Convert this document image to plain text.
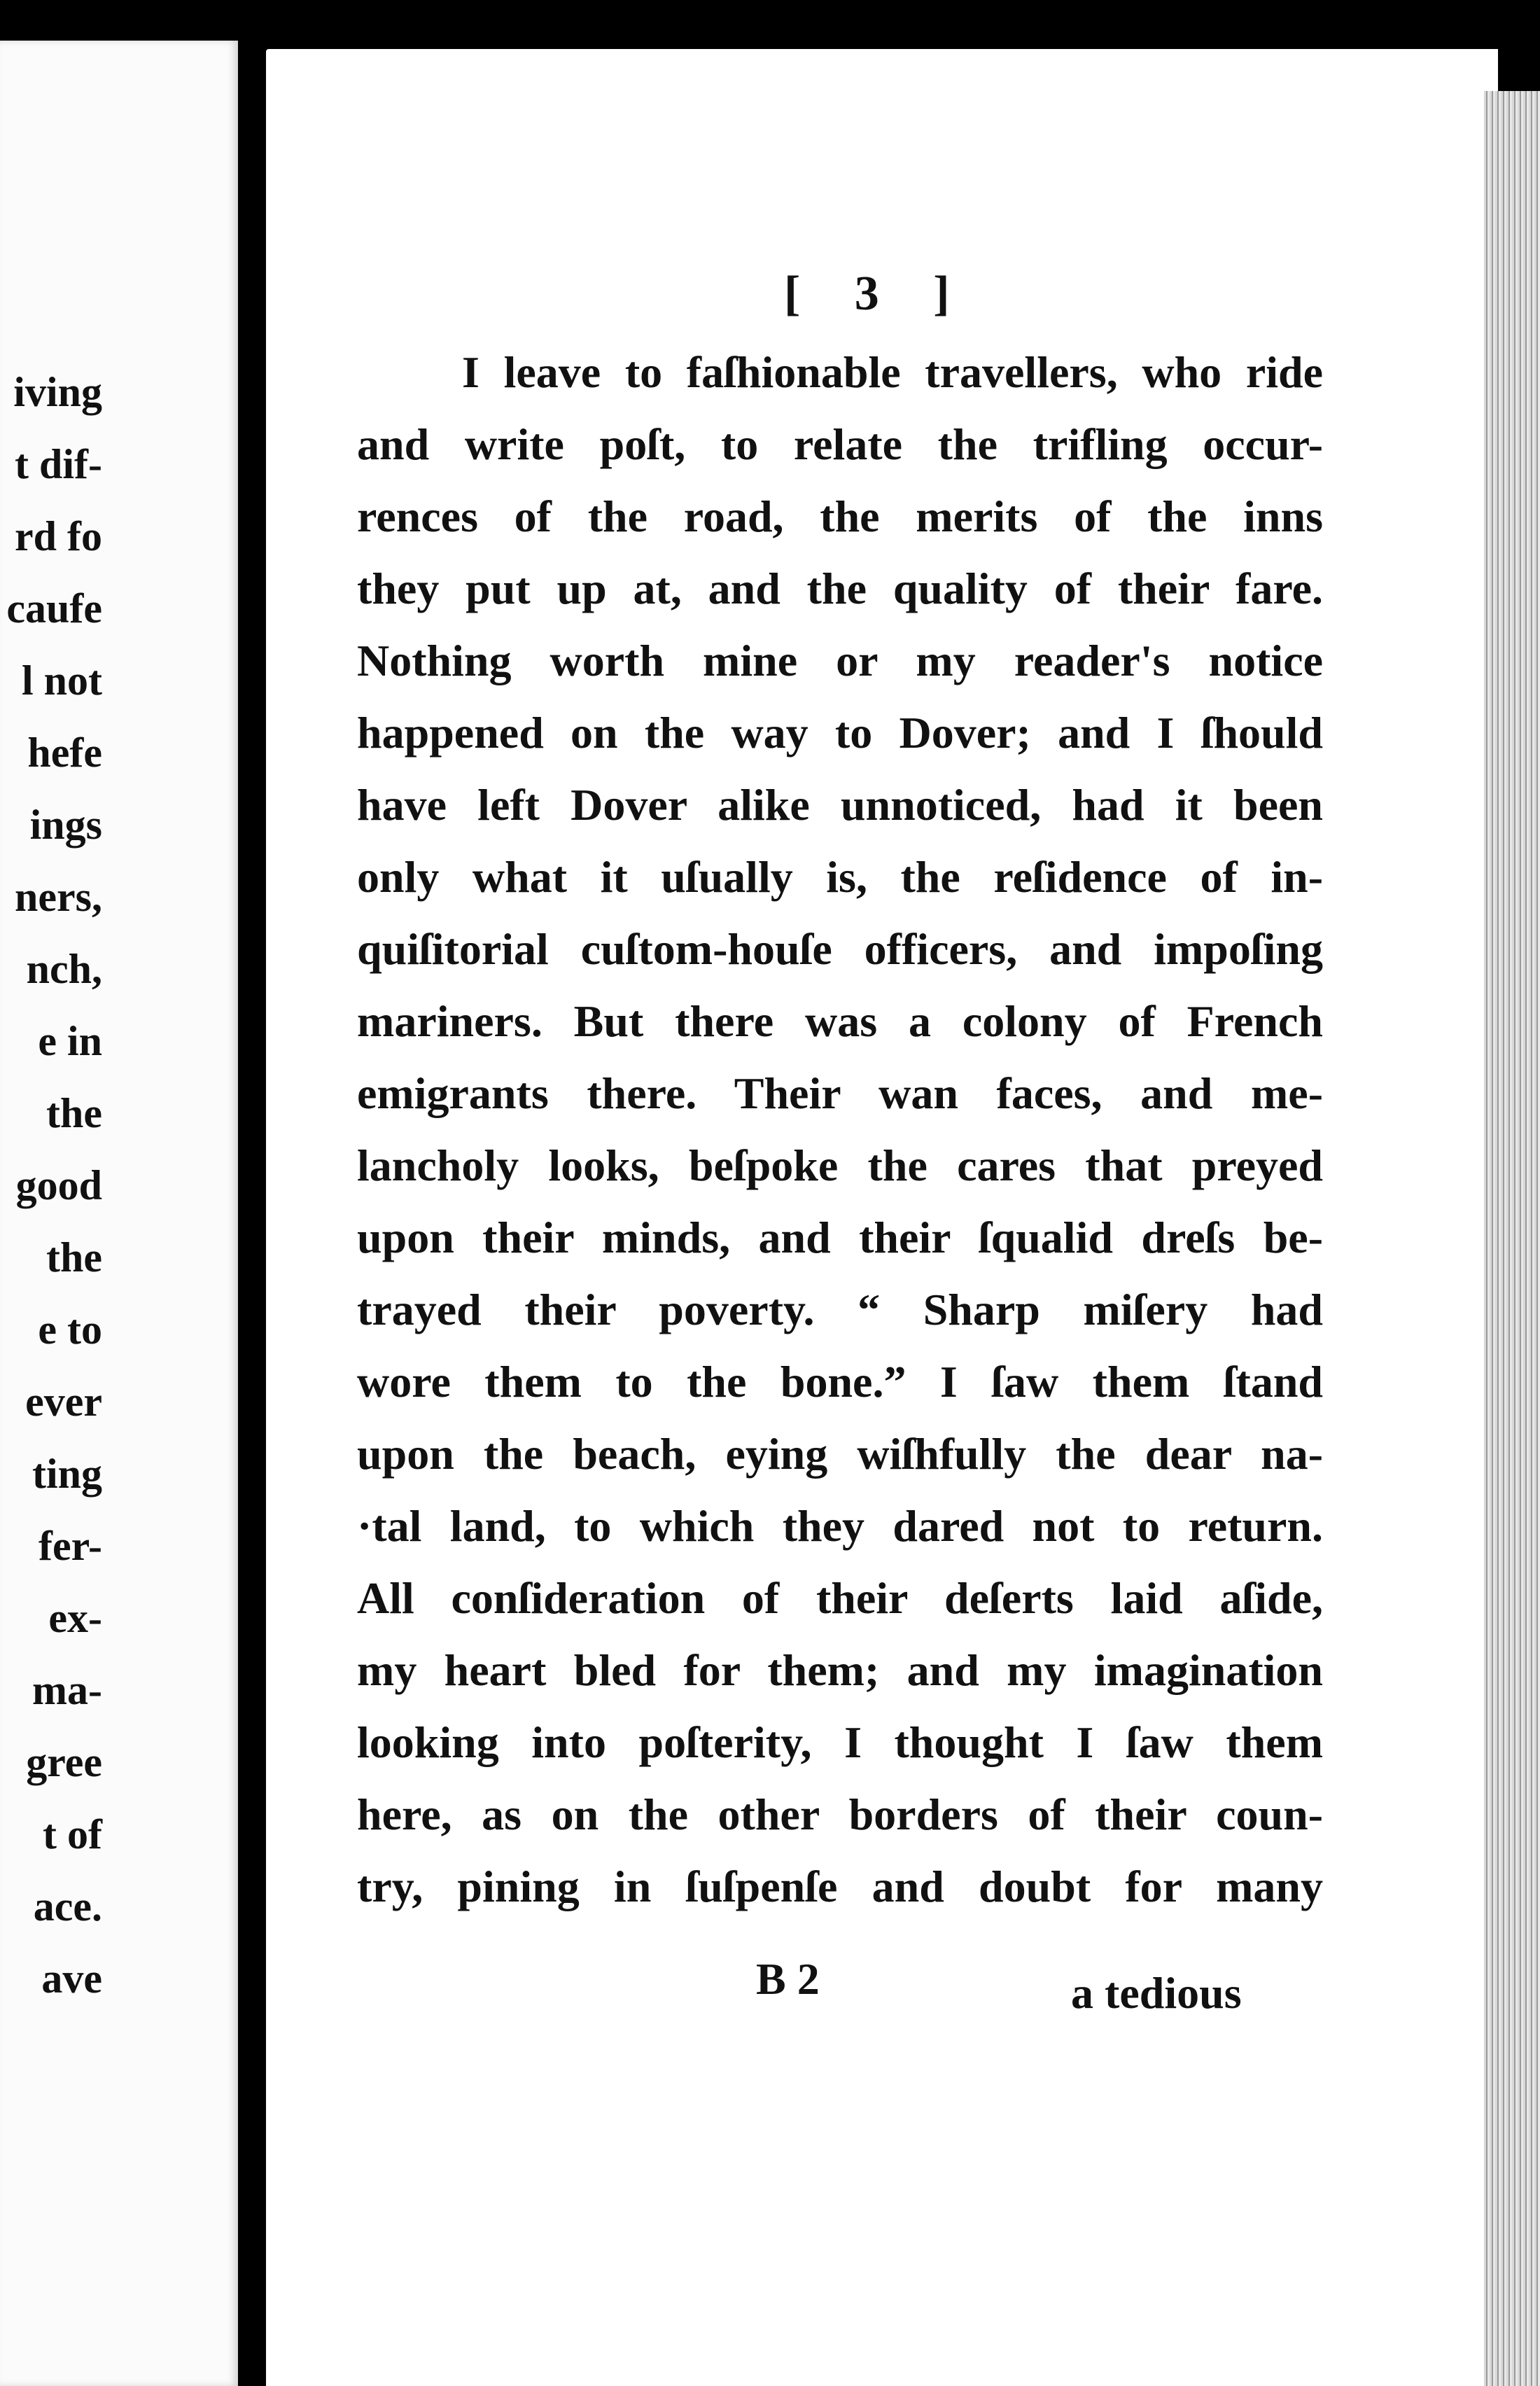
iving

t dif-

rd fo

caufe

l not

hefe

ings

ners,

nch,

e in

the

good

the

e to

ever

ting

fer-

ex-

ma-

gree

t of

ace.

ave

[ 3 ]

I leave to faſhionable travellers, who ride
and write poſt, to relate the trifling occur-
rences of the road, the merits of the inns
they put up at, and the quality of their fare.
Nothing worth mine or my reader's notice
happened on the way to Dover; and I ſhould
have left Dover alike unnoticed, had it been
only what it uſually is, the reſidence of in-
quiſitorial cuſtom-houſe officers, and impoſing
mariners. But there was a colony of French
emigrants there. Their wan faces, and me-
lancholy looks, beſpoke the cares that preyed
upon their minds, and their ſqualid dreſs be-
trayed their poverty. “ Sharp miſery had
wore them to the bone.” I ſaw them ſtand
upon the beach, eying wiſhfully the dear na-
·tal land, to which they dared not to return.
All conſideration of their deſerts laid aſide,
my heart bled for them; and my imagination
looking into poſterity, I thought I ſaw them
here, as on the other borders of their coun-
try, pining in ſuſpenſe and doubt for many

B 2	a tedious
